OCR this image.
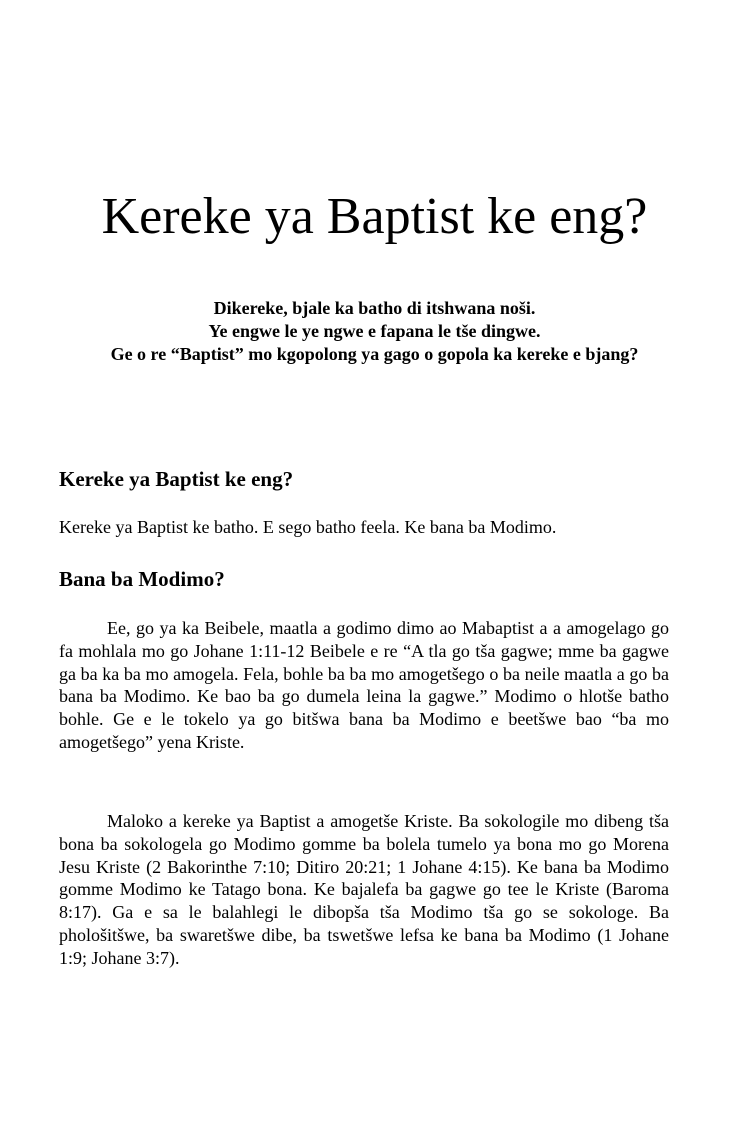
Kereke ya Baptist ke eng?
Dikereke, bjale ka batho di itshwana noši.
Ye engwe le ye ngwe e fapana le tše dingwe.
Ge o re “Baptist” mo kgopolong ya gago o gopola ka kereke e bjang?
Kereke ya Baptist ke eng?

Kereke ya Baptist ke batho. E sego batho feela. Ke bana ba Modimo.

Bana ba Modimo?

Ee, go ya ka Beibele, maatla a godimo dimo ao Mabaptist a a amogelago go fa mohlala mo go Johane 1:11-12 Beibele e re “A tla go tša gagwe; mme ba gagwe ga ba ka ba mo amogela. Fela, bohle ba ba mo amogetšego o ba neile maatla a go ba bana ba Modimo. Ke bao ba go dumela leina la gagwe.” Modimo o hlotše batho bohle. Ge e le tokelo ya go bitšwa bana ba Modimo e beetšwe bao “ba mo amogetšego” yena Kriste.

Maloko a kereke ya Baptist a amogetše Kriste. Ba sokologile mo dibeng tša bona ba sokologela go Modimo gomme ba bolela tumelo ya bona mo go Morena Jesu Kriste (2 Bakorinthe 7:10; Ditiro 20:21; 1 Johane 4:15). Ke bana ba Modimo gomme Modimo ke Tatago bona. Ke bajalefa ba gagwe go tee le Kriste (Baroma 8:17). Ga e sa le balahlegi le dibopša tša Modimo tša go se sokologe. Ba phološitšwe, ba swaretšwe dibe, ba tswetšwe lefsa ke bana ba Modimo (1 Johane 1:9; Johane 3:7).
